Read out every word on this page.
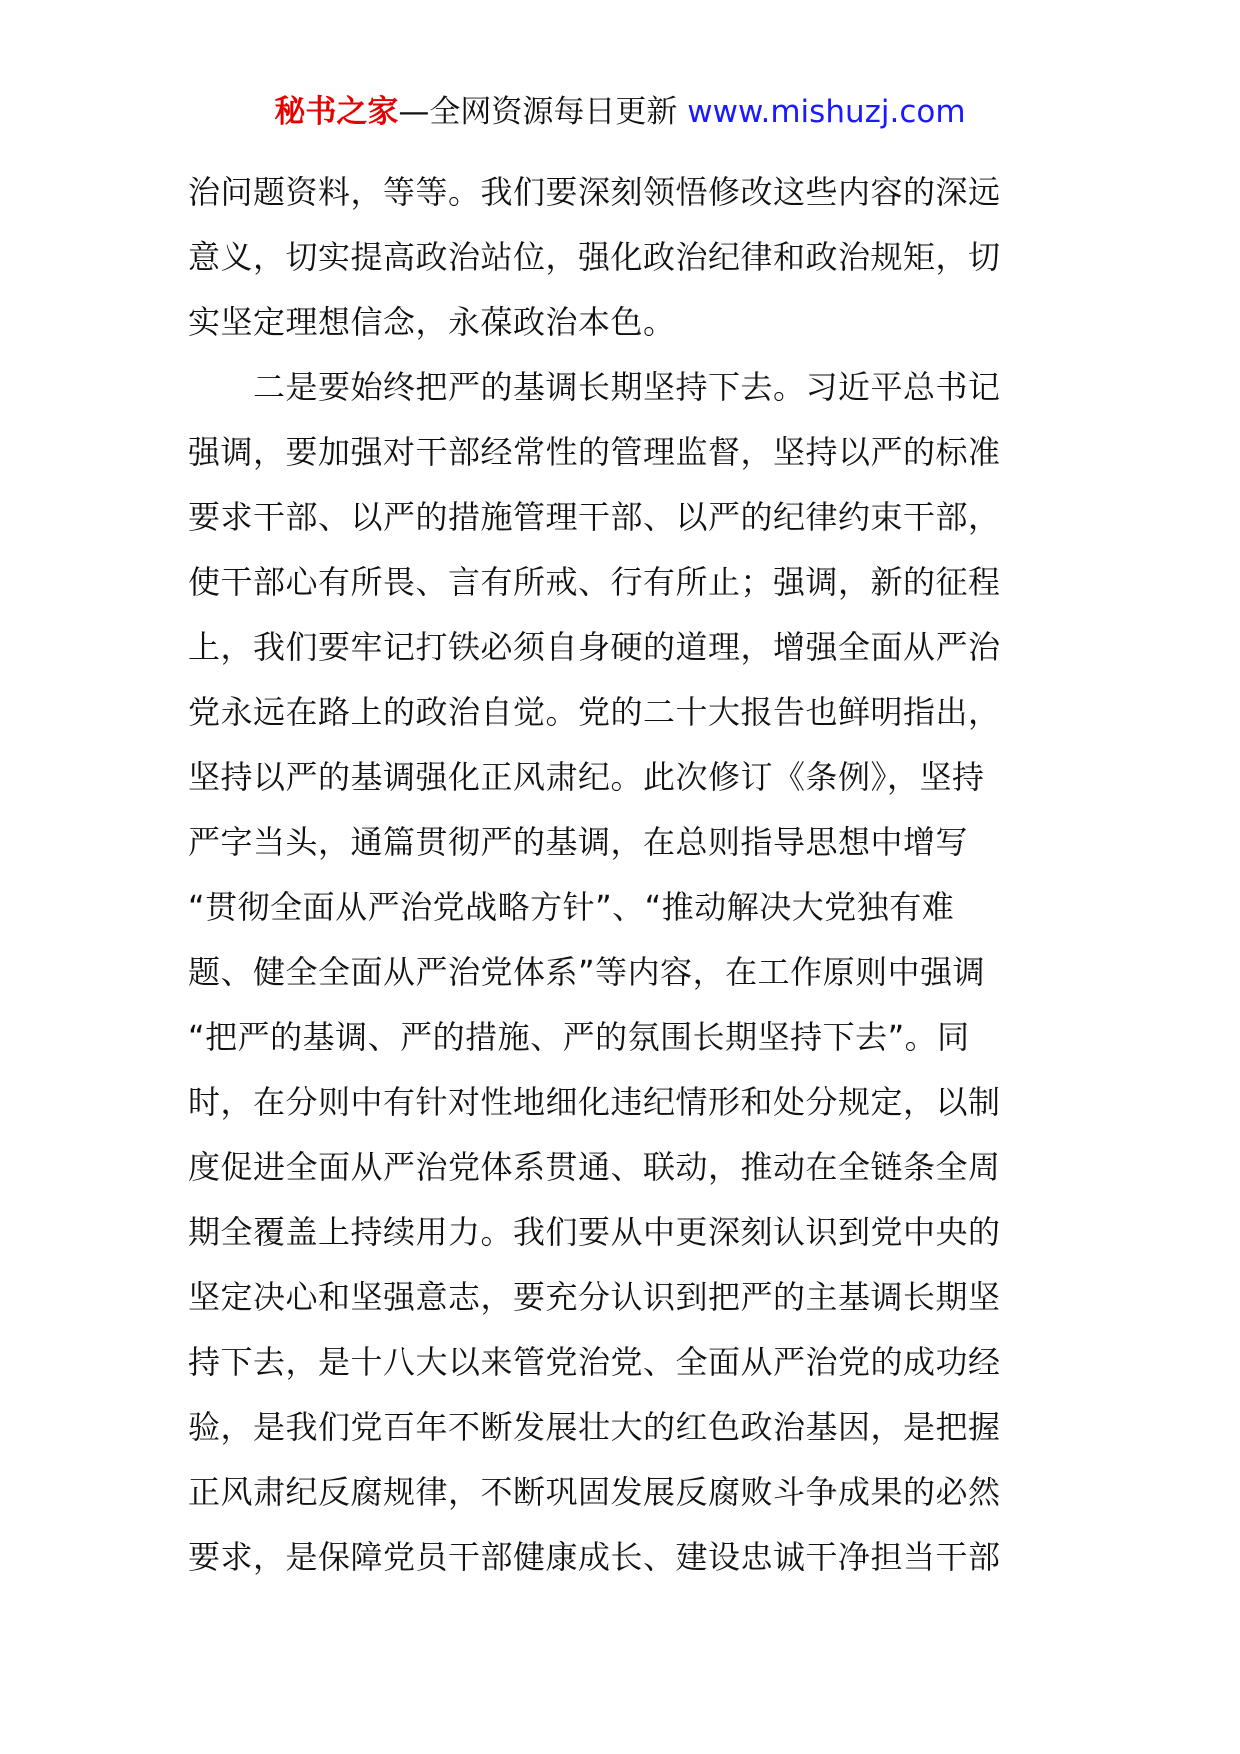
秘书之家—全网资源每日更新 www.mishuzj.com
治问题资料，等等。我们要深刻领悟修改这些内容的深远
意义，切实提高政治站位，强化政治纪律和政治规矩，切
实坚定理想信念，永葆政治本色。
　　二是要始终把严的基调长期坚持下去。习近平总书记
强调，要加强对干部经常性的管理监督，坚持以严的标准
要求干部、以严的措施管理干部、以严的纪律约束干部，
使干部心有所畏、言有所戒、行有所止；强调，新的征程
上，我们要牢记打铁必须自身硬的道理，增强全面从严治
党永远在路上的政治自觉。党的二十大报告也鲜明指出，
坚持以严的基调强化正风肃纪。此次修订《条例》，坚持
严字当头，通篇贯彻严的基调，在总则指导思想中增写
“贯彻全面从严治党战略方针”、“推动解决大党独有难
题、健全全面从严治党体系”等内容，在工作原则中强调
“把严的基调、严的措施、严的氛围长期坚持下去”。同
时，在分则中有针对性地细化违纪情形和处分规定，以制
度促进全面从严治党体系贯通、联动，推动在全链条全周
期全覆盖上持续用力。我们要从中更深刻认识到党中央的
坚定决心和坚强意志，要充分认识到把严的主基调长期坚
持下去，是十八大以来管党治党、全面从严治党的成功经
验，是我们党百年不断发展壮大的红色政治基因，是把握
正风肃纪反腐规律，不断巩固发展反腐败斗争成果的必然
要求，是保障党员干部健康成长、建设忠诚干净担当干部
